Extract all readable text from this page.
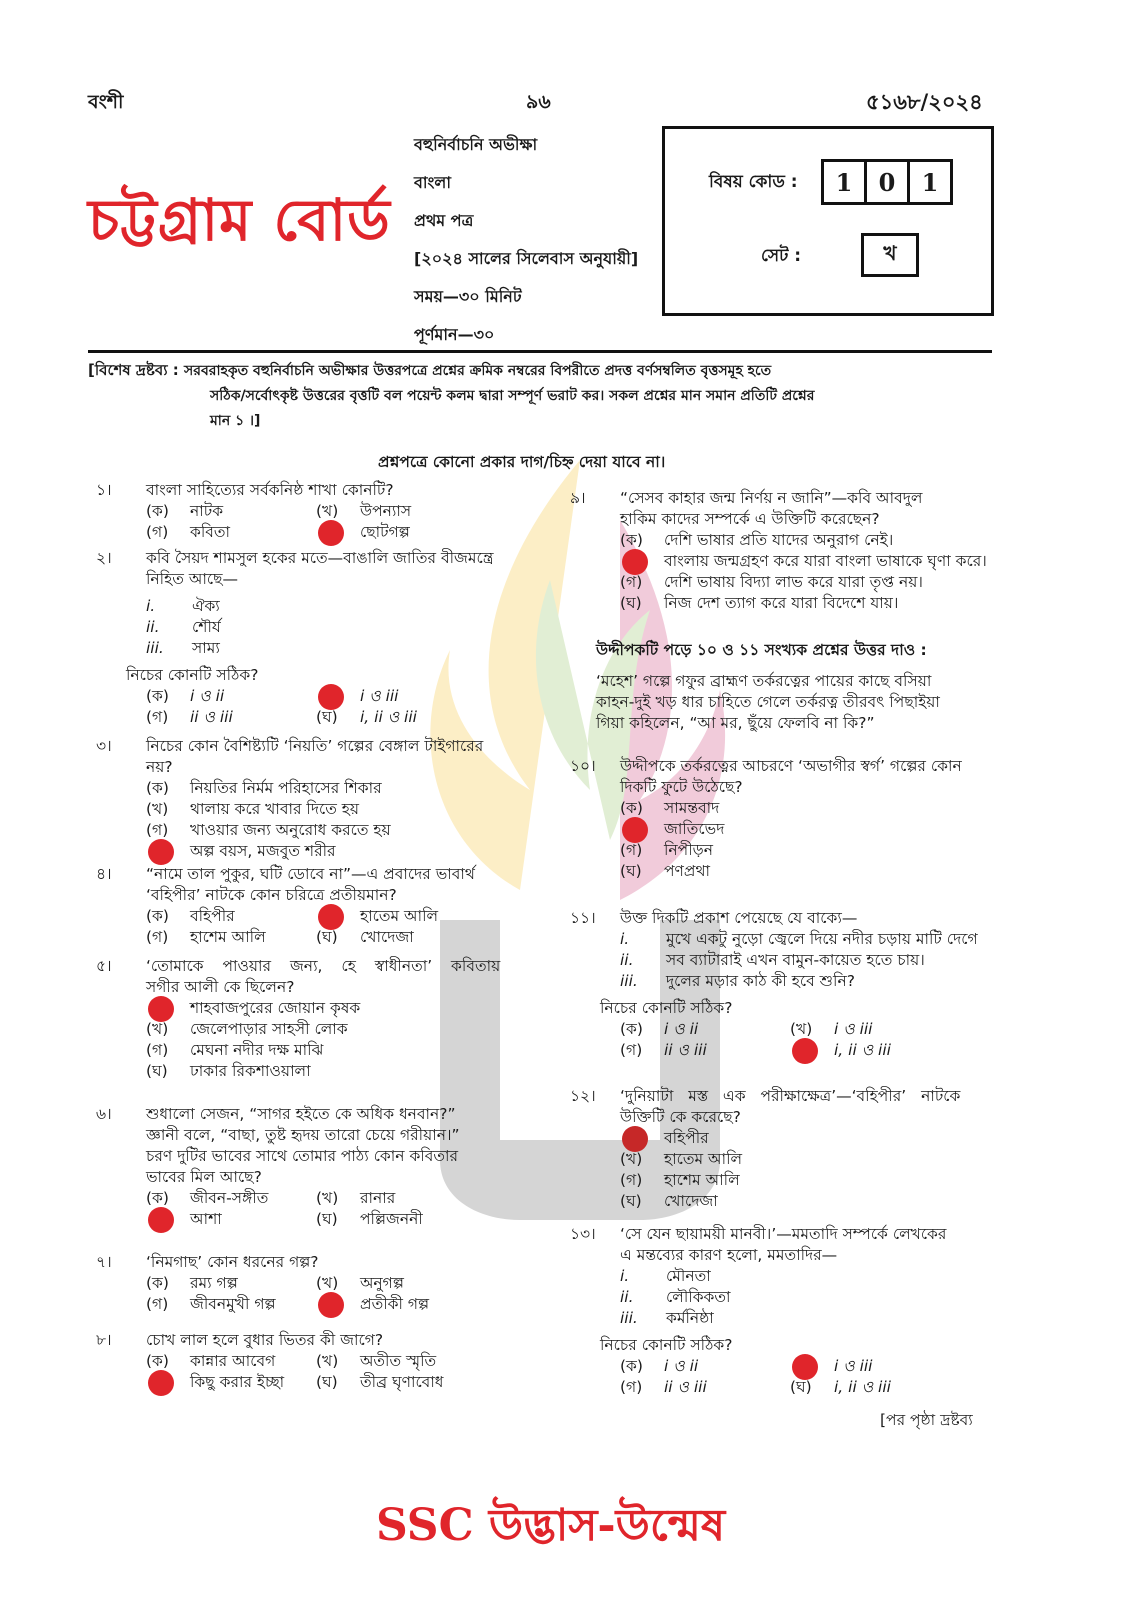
বংশী	৯৬	৫১৬৮/২০২৪
চট্টগ্রাম বোর্ড
বহুনির্বাচনি অভীক্ষা
বাংলা
প্রথম পত্র
[২০২৪ সালের সিলেবাস অনুযায়ী]
সময়—৩০ মিনিট
পূর্ণমান—৩০
বিষয় কোড :	1	0	1
সেট :	খ
[বিশেষ দ্রষ্টব্য : সরবরাহকৃত বহুনির্বাচনি অভীক্ষার উত্তরপত্রে প্রশ্নের ক্রমিক নম্বরের বিপরীতে প্রদত্ত বর্ণসম্বলিত বৃত্তসমূহ হতে
সঠিক/সর্বোৎকৃষ্ট উত্তরের বৃত্তটি বল পয়েন্ট কলম দ্বারা সম্পূর্ণ ভরাট কর। সকল প্রশ্নের মান সমান প্রতিটি প্রশ্নের
মান ১ ।]
প্রশ্নপত্রে কোনো প্রকার দাগ/চিহ্ন দেয়া যাবে না।
১। বাংলা সাহিত্যের সর্বকনিষ্ঠ শাখা কোনটি?
(ক)	নাটক	(খ)	উপন্যাস
(গ)	কবিতা	ছোটগল্প
২। কবি সৈয়দ শামসুল হকের মতে—বাঙালি জাতির বীজমন্ত্রে
নিহিত আছে—
i. ঐক্য
ii. শৌর্য
iii. সাম্য
নিচের কোনটি সঠিক?
(ক)	i ও ii	i ও iii
(গ)	ii ও iii	(ঘ)	i, ii ও iii
৩। নিচের কোন বৈশিষ্ট্যটি ‘নিয়তি’ গল্পের বেঙ্গাল টাইগারের
নয়?
(ক)	নিয়তির নির্মম পরিহাসের শিকার
(খ)	থালায় করে খাবার দিতে হয়
(গ)	খাওয়ার জন্য অনুরোধ করতে হয়
অল্প বয়স, মজবুত শরীর
৪। “নামে তাল পুকুর, ঘটি ডোবে না”—এ প্রবাদের ভাবার্থ
‘বহিপীর’ নাটকে কোন চরিত্রে প্রতীয়মান?
(ক)	বহিপীর	হাতেম আলি
(গ)	হাশেম আলি	(ঘ)	খোদেজা
৫। ‘তোমাকে পাওয়ার জন্য, হে স্বাধীনতা’ কবিতায়
সগীর আলী কে ছিলেন?
শাহবাজপুরের জোয়ান কৃষক
(খ)	জেলেপাড়ার সাহসী লোক
(গ)	মেঘনা নদীর দক্ষ মাঝি
(ঘ)	ঢাকার রিকশাওয়ালা
৬। শুধালো সেজন, “সাগর হইতে কে অধিক ধনবান?”
জ্ঞানী বলে, “বাছা, তুষ্ট হৃদয় তারো চেয়ে গরীয়ান।”
চরণ দুটির ভাবের সাথে তোমার পাঠ্য কোন কবিতার
ভাবের মিল আছে?
(ক)	জীবন-সঙ্গীত	(খ)	রানার
আশা	(ঘ)	পল্লিজননী
৭। ‘নিমগাছ’ কোন ধরনের গল্প?
(ক)	রম্য গল্প	(খ)	অনুগল্প
(গ)	জীবনমুখী গল্প	প্রতীকী গল্প
৮। চোখ লাল হলে বুধার ভিতর কী জাগে?
(ক)	কান্নার আবেগ	(খ)	অতীত স্মৃতি
কিছু করার ইচ্ছা (ঘ)	তীব্র ঘৃণাবোধ
৯। “সেসব কাহার জন্ম নির্ণয় ন জানি”—কবি আবদুল
হাকিম কাদের সম্পর্কে এ উক্তিটি করেছেন?
(ক)	দেশি ভাষার প্রতি যাদের অনুরাগ নেই।
বাংলায় জন্মগ্রহণ করে যারা বাংলা ভাষাকে ঘৃণা করে।
(গ)	দেশি ভাষায় বিদ্যা লাভ করে যারা তৃপ্ত নয়।
(ঘ)	নিজ দেশ ত্যাগ করে যারা বিদেশে যায়।
উদ্দীপকটি পড়ে ১০ ও ১১ সংখ্যক প্রশ্নের উত্তর দাও :
‘মহেশ’ গল্পে গফুর ব্রাহ্মণ তর্করত্নের পায়ের কাছে বসিয়া
কাহন-দুই খড় ধার চাহিতে গেলে তর্করত্ন তীরবৎ পিছাইয়া
গিয়া কহিলেন, “আ মর, ছুঁয়ে ফেলবি না কি?”
১০। উদ্দীপকে তর্করত্নের আচরণে ‘অভাগীর স্বর্গ’ গল্পের কোন
দিকটি ফুটে উঠেছে?
(ক)	সামন্তবাদ
জাতিভেদ
(গ)	নিপীড়ন
(ঘ)	পণপ্রথা
১১। উক্ত দিকটি প্রকাশ পেয়েছে যে বাক্যে—
i. মুখে একটু নুড়ো জ্বেলে দিয়ে নদীর চড়ায় মাটি দেগে
ii. সব ব্যাটারাই এখন বামুন-কায়েত হতে চায়।
iii. দুলের মড়ার কাঠ কী হবে শুনি?
নিচের কোনটি সঠিক?
(ক)	i ও ii	(খ)	i ও iii
(গ)	ii ও iii	i, ii ও iii
১২। ‘দুনিয়াটা মস্ত এক পরীক্ষাক্ষেত্র’—‘বহিপীর’ নাটকে
উক্তিটি কে করেছে?
বহিপীর
(খ)	হাতেম আলি
(গ)	হাশেম আলি
(ঘ)	খোদেজা
১৩। ‘সে যেন ছায়াময়ী মানবী।’—মমতাদি সম্পর্কে লেখকের
এ মন্তব্যের কারণ হলো, মমতাদির—
i. মৌনতা
ii. লৌকিকতা
iii. কর্মনিষ্ঠা
নিচের কোনটি সঠিক?
(ক)	i ও ii	i ও iii
(গ)	ii ও iii	(ঘ)	i, ii ও iii
[পর পৃষ্ঠা দ্রষ্টব্য
SSC উদ্ভাস-উন্মেষ
